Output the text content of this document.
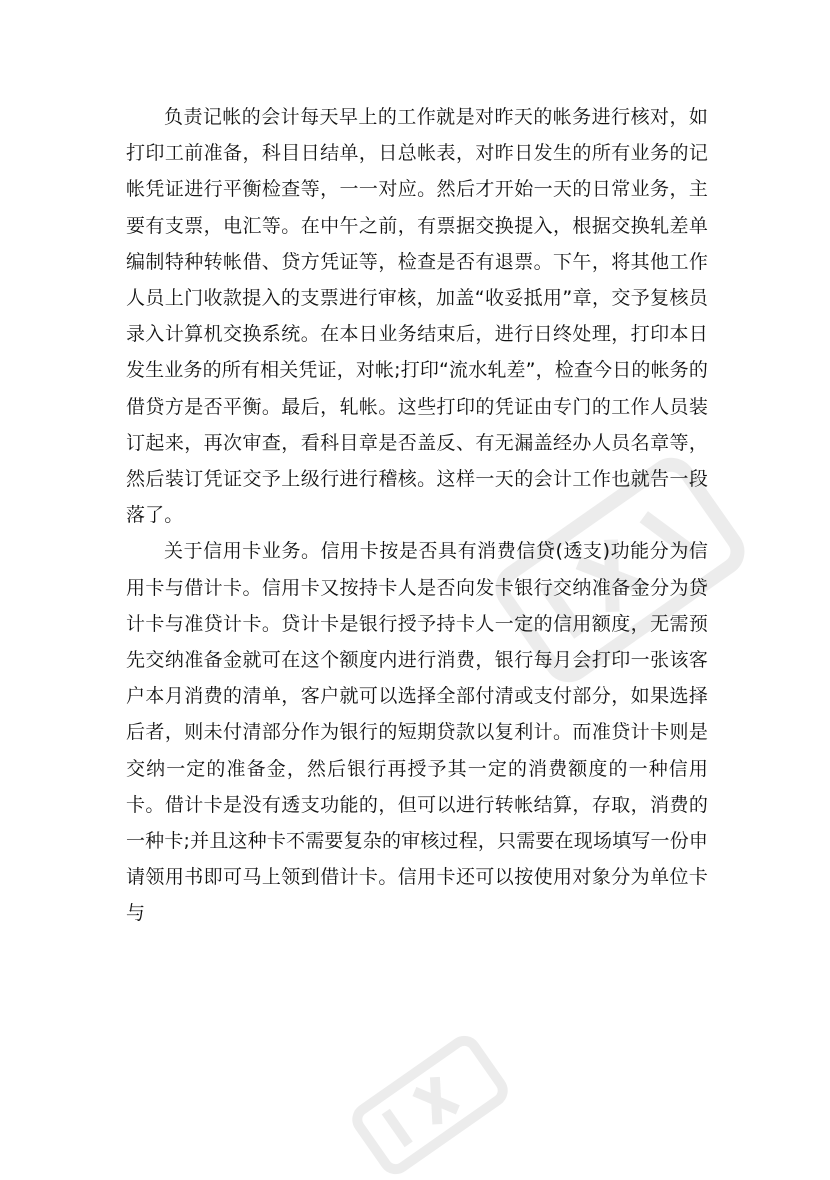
负责记帐的会计每天早上的工作就是对昨天的帐务进行核对，如打印工前准备，科目日结单，日总帐表，对昨日发生的所有业务的记帐凭证进行平衡检查等，一一对应。然后才开始一天的日常业务，主要有支票，电汇等。在中午之前，有票据交换提入，根据交换轧差单编制特种转帐借、贷方凭证等，检查是否有退票。下午，将其他工作人员上门收款提入的支票进行审核，加盖“收妥抵用”章，交予复核员录入计算机交换系统。在本日业务结束后，进行日终处理，打印本日发生业务的所有相关凭证，对帐;打印“流水轧差”，检查今日的帐务的借贷方是否平衡。最后，轧帐。这些打印的凭证由专门的工作人员装订起来，再次审查，看科目章是否盖反、有无漏盖经办人员名章等，然后装订凭证交予上级行进行稽核。这样一天的会计工作也就告一段落了。

关于信用卡业务。信用卡按是否具有消费信贷(透支)功能分为信用卡与借计卡。信用卡又按持卡人是否向发卡银行交纳准备金分为贷计卡与准贷计卡。贷计卡是银行授予持卡人一定的信用额度，无需预先交纳准备金就可在这个额度内进行消费，银行每月会打印一张该客户本月消费的清单，客户就可以选择全部付清或支付部分，如果选择后者，则未付清部分作为银行的短期贷款以复利计。而准贷计卡则是交纳一定的准备金，然后银行再授予其一定的消费额度的一种信用卡。借计卡是没有透支功能的，但可以进行转帐结算，存取，消费的一种卡;并且这种卡不需要复杂的审核过程，只需要在现场填写一份申请领用书即可马上领到借计卡。信用卡还可以按使用对象分为单位卡与
